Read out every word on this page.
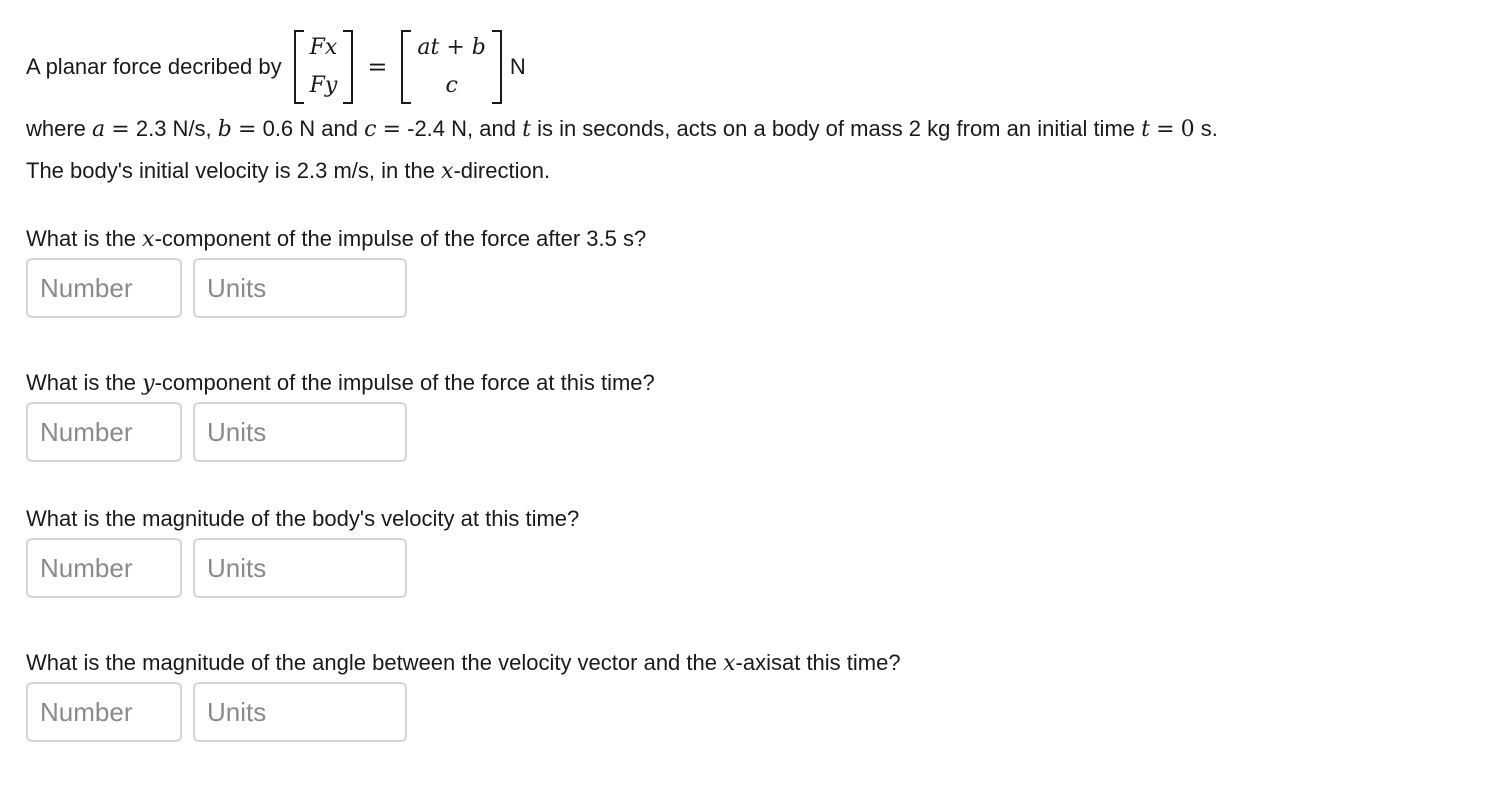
A planar force decribed by
Fx
Fy
=
at + b
c
N
where a = 2.3 N/s, b = 0.6 N and c = -2.4 N, and t is in seconds, acts on a body of mass 2 kg from an initial time t = 0 s.
The body's initial velocity is 2.3 m/s, in the x-direction.
What is the x-component of the impulse of the force after 3.5 s?
Number
Units
What is the y-component of the impulse of the force at this time?
Number
Units
What is the magnitude of the body's velocity at this time?
Number
Units
What is the magnitude of the angle between the velocity vector and the x-axisat this time?
Number
Units
